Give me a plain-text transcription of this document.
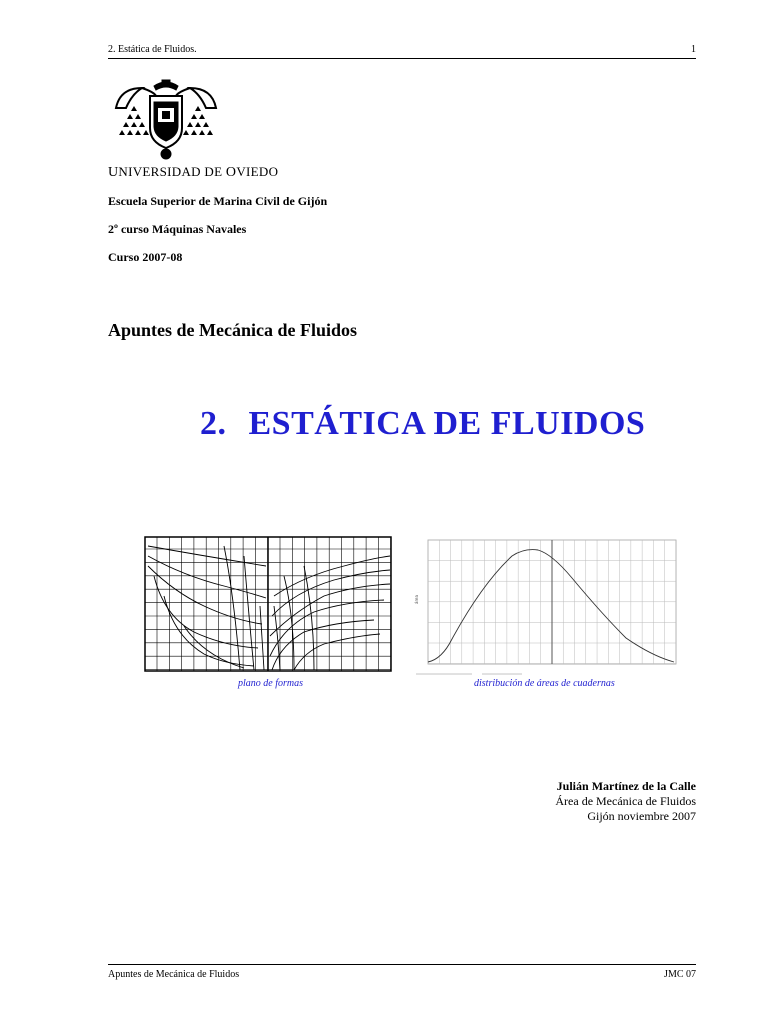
2. Estática de Fluidos.	1
UNIVERSIDAD DE OVIEDO
Escuela Superior de Marina Civil de Gijón
2º curso Máquinas Navales
Curso 2007-08
Apuntes de Mecánica de Fluidos
2. ESTÁTICA DE FLUIDOS
área
plano de formas	distribución de áreas de cuadernas
Julián Martínez de la Calle
Área de Mecánica de Fluidos
Gijón noviembre 2007
Apuntes de Mecánica de Fluidos	JMC 07
